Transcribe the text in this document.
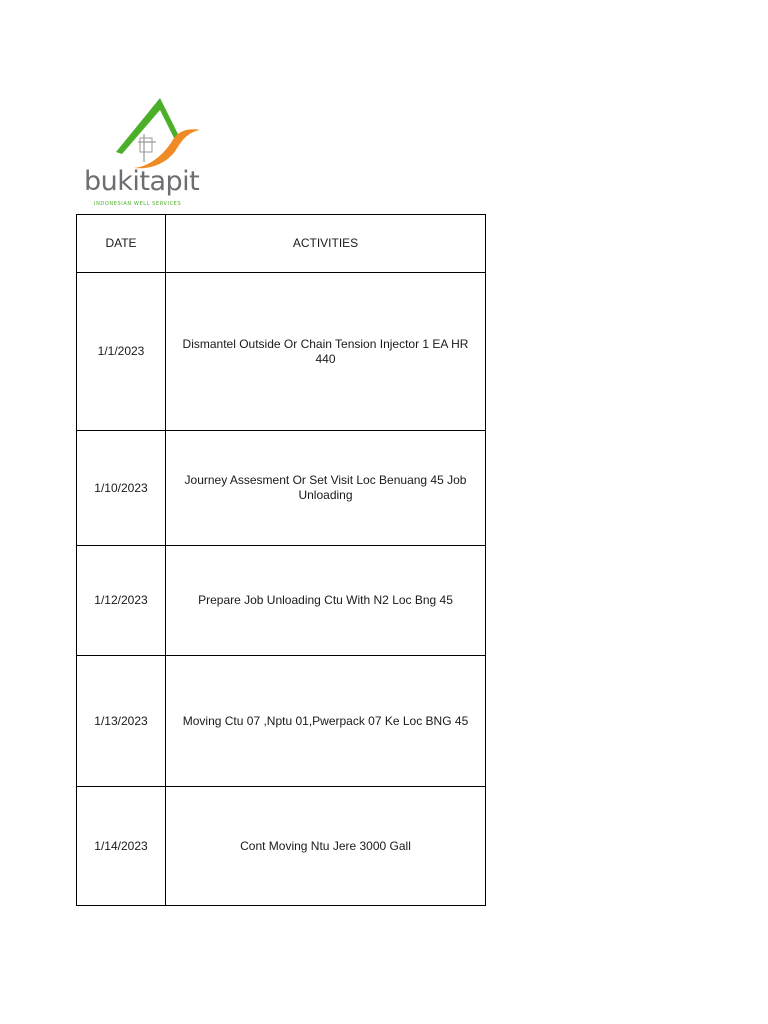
bukitapit
INDONESIAN WELL SERVICES
DATE	ACTIVITIES
1/1/2023	Dismantel Outside Or Chain Tension Injector 1 EA HR 440
1/10/2023	Journey Assesment Or Set Visit Loc Benuang 45 Job Unloading
1/12/2023	Prepare Job Unloading Ctu With N2 Loc Bng 45
1/13/2023	Moving Ctu 07 ,Nptu 01,Pwerpack 07 Ke Loc BNG 45
1/14/2023	Cont Moving Ntu Jere 3000 Gall
